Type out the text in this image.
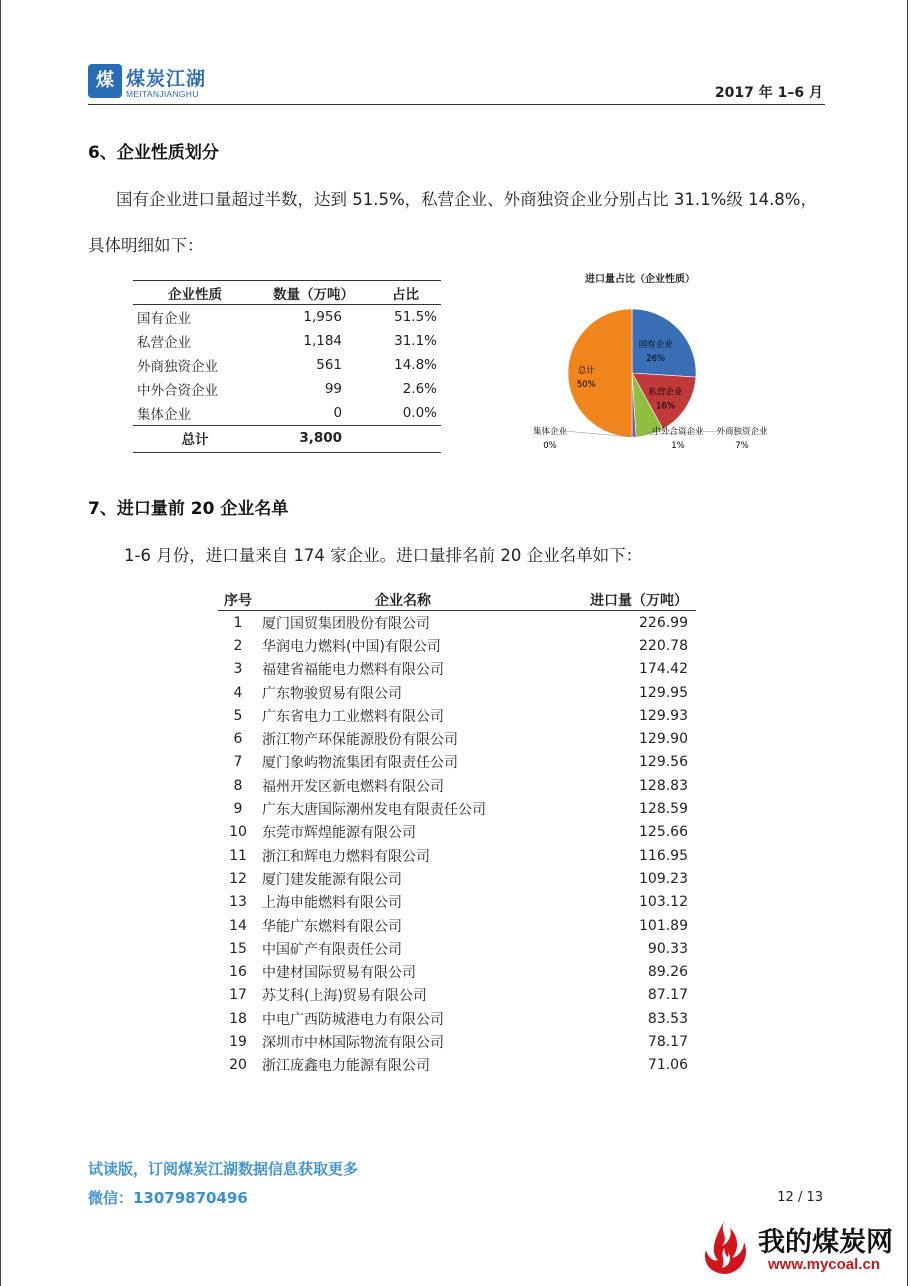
煤 煤炭江湖
MEITANJIANGHU	2017 年 1–6 月
6、企业性质划分

国有企业进口量超过半数，达到 51.5%，私营企业、外商独资企业分别占比 31.1%级 14.8%，

具体明细如下：

企业性质	数量（万吨）	占比
国有企业	1,956	51.5%
私营企业	1,184	31.1%
外商独资企业	561	14.8%
中外合资企业	99	2.6%
集体企业	0	0.0%
总计	3,800	
进口量占比（企业性质）
国有企业
26%
私营企业
16%
外商独资企业
7%
中外合资企业
1%
集体企业
0%
总计
50%
7、进口量前 20 企业名单

1-6 月份，进口量来自 174 家企业。进口量排名前 20 企业名单如下：

序号	企业名称	进口量（万吨）
1	厦门国贸集团股份有限公司	226.99
2	华润电力燃料(中国)有限公司	220.78
3	福建省福能电力燃料有限公司	174.42
4	广东物骏贸易有限公司	129.95
5	广东省电力工业燃料有限公司	129.93
6	浙江物产环保能源股份有限公司	129.90
7	厦门象屿物流集团有限责任公司	129.56
8	福州开发区新电燃料有限公司	128.83
9	广东大唐国际潮州发电有限责任公司	128.59
10	东莞市辉煌能源有限公司	125.66
11	浙江和辉电力燃料有限公司	116.95
12	厦门建发能源有限公司	109.23
13	上海申能燃料有限公司	103.12
14	华能广东燃料有限公司	101.89
15	中国矿产有限责任公司	90.33
16	中建材国际贸易有限公司	89.26
17	苏艾科(上海)贸易有限公司	87.17
18	中电广西防城港电力有限公司	83.53
19	深圳市中林国际物流有限公司	78.17
20	浙江庞鑫电力能源有限公司	71.06
试读版，订阅煤炭江湖数据信息获取更多
微信：13079870496	12 / 13
我的煤炭网
www.mycoal.cn
